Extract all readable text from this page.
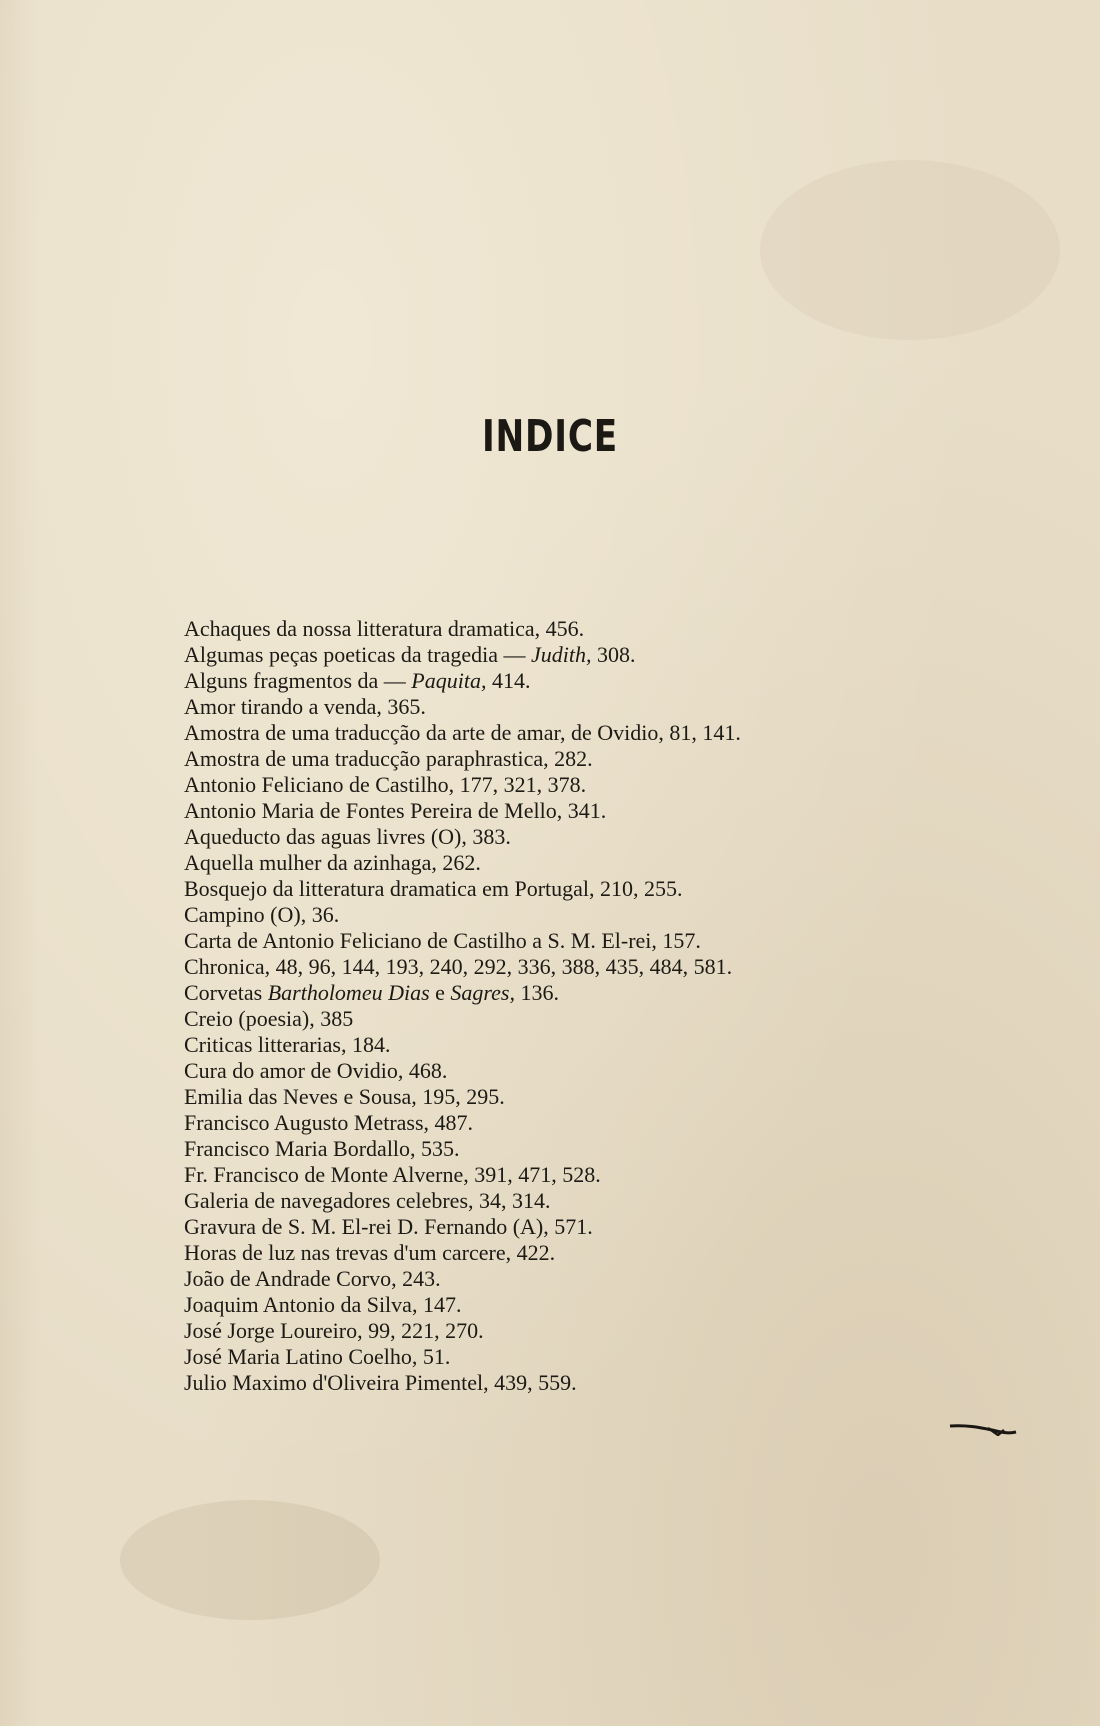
INDICE
Achaques da nossa litteratura dramatica, 456.
Algumas peças poeticas da tragedia — Judith, 308.
Alguns fragmentos da — Paquita, 414.
Amor tirando a venda, 365.
Amostra de uma traducção da arte de amar, de Ovidio, 81, 141.
Amostra de uma traducção paraphrastica, 282.
Antonio Feliciano de Castilho, 177, 321, 378.
Antonio Maria de Fontes Pereira de Mello, 341.
Aqueducto das aguas livres (O), 383.
Aquella mulher da azinhaga, 262.
Bosquejo da litteratura dramatica em Portugal, 210, 255.
Campino (O), 36.
Carta de Antonio Feliciano de Castilho a S. M. El-rei, 157.
Chronica, 48, 96, 144, 193, 240, 292, 336, 388, 435, 484, 581.
Corvetas Bartholomeu Dias e Sagres, 136.
Creio (poesia), 385
Criticas litterarias, 184.
Cura do amor de Ovidio, 468.
Emilia das Neves e Sousa, 195, 295.
Francisco Augusto Metrass, 487.
Francisco Maria Bordallo, 535.
Fr. Francisco de Monte Alverne, 391, 471, 528.
Galeria de navegadores celebres, 34, 314.
Gravura de S. M. El-rei D. Fernando (A), 571.
Horas de luz nas trevas d'um carcere, 422.
João de Andrade Corvo, 243.
Joaquim Antonio da Silva, 147.
José Jorge Loureiro, 99, 221, 270.
José Maria Latino Coelho, 51.
Julio Maximo d'Oliveira Pimentel, 439, 559.
